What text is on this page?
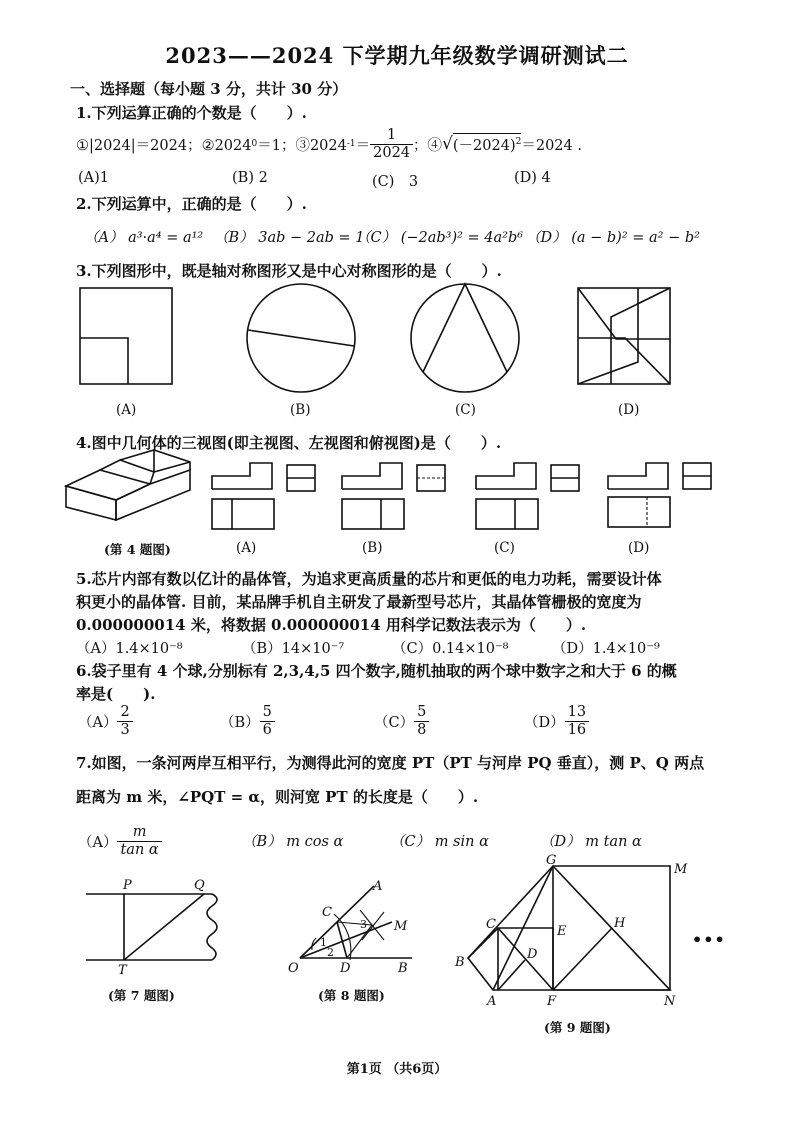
2023——2024 下学期九年级数学调研测试二
一、选择题（每小题 3 分，共计 30 分）
1.下列运算正确的个数是（　　）.
①|2024|＝2024；②2024 0 ＝1；③2024 $-1 = \frac{1}{2024}$ ；④ √ $(-2024)^2 =2024$ .
(A)1	(B) 2	(C)　3	(D) 4
2.下列运算中，正确的是（　　）.
（A） a³·a⁴ = a¹² （B） 3ab − 2ab = 1
（C） (−2ab³)² = 4a²b⁶ （D） (a − b)² = a² − b²
3.下列图形中，既是轴对称图形又是中心对称图形的是（　　）.
(A)	(B)	(C)	(D)
4.图中几何体的三视图(即主视图、左视图和俯视图)是（　　）.
(第 4 题图)	(A)	(B)	(C)	(D)
5.芯片内部有数以亿计的晶体管，为追求更高质量的芯片和更低的电力功耗，需要设计体
积更小的晶体管. 目前，某品牌手机自主研发了最新型号芯片，其晶体管栅极的宽度为
0.000000014 米，将数据 0.000000014 用科学记数法表示为（　　）.
（A）1.4×10⁻⁸	（B）14×10⁻⁷	（C）0.14×10⁻⁸	（D）1.4×10⁻⁹
6.袋子里有 4 个球,分别标有 2,3,4,5 四个数字,随机抽取的两个球中数字之和大于 6 的概
率是(　　).
$(A) \frac{2}{3}$	$(B) \frac{5}{6}$	$(C) \frac{5}{8}$	$(D) \frac{13}{16}$
7.如图，一条河两岸互相平行，为测得此河的宽度 PT（PT 与河岸 PQ 垂直），测 P、Q 两点
距离为 m 米，∠PQT = α，则河宽 PT 的长度是（　　）.
$(A) \frac{m}{\text{tan α}}$	（B） m cos α	（C） m sin α	（D） m tan α
P	Q
T
A
B
C
D
O
M
1
2
3
A
B
C
D
E
F
G
H
M
N
(第 7 题图)	(第 8 题图)
(第 9 题图)
•••
第1页 （共6页）
